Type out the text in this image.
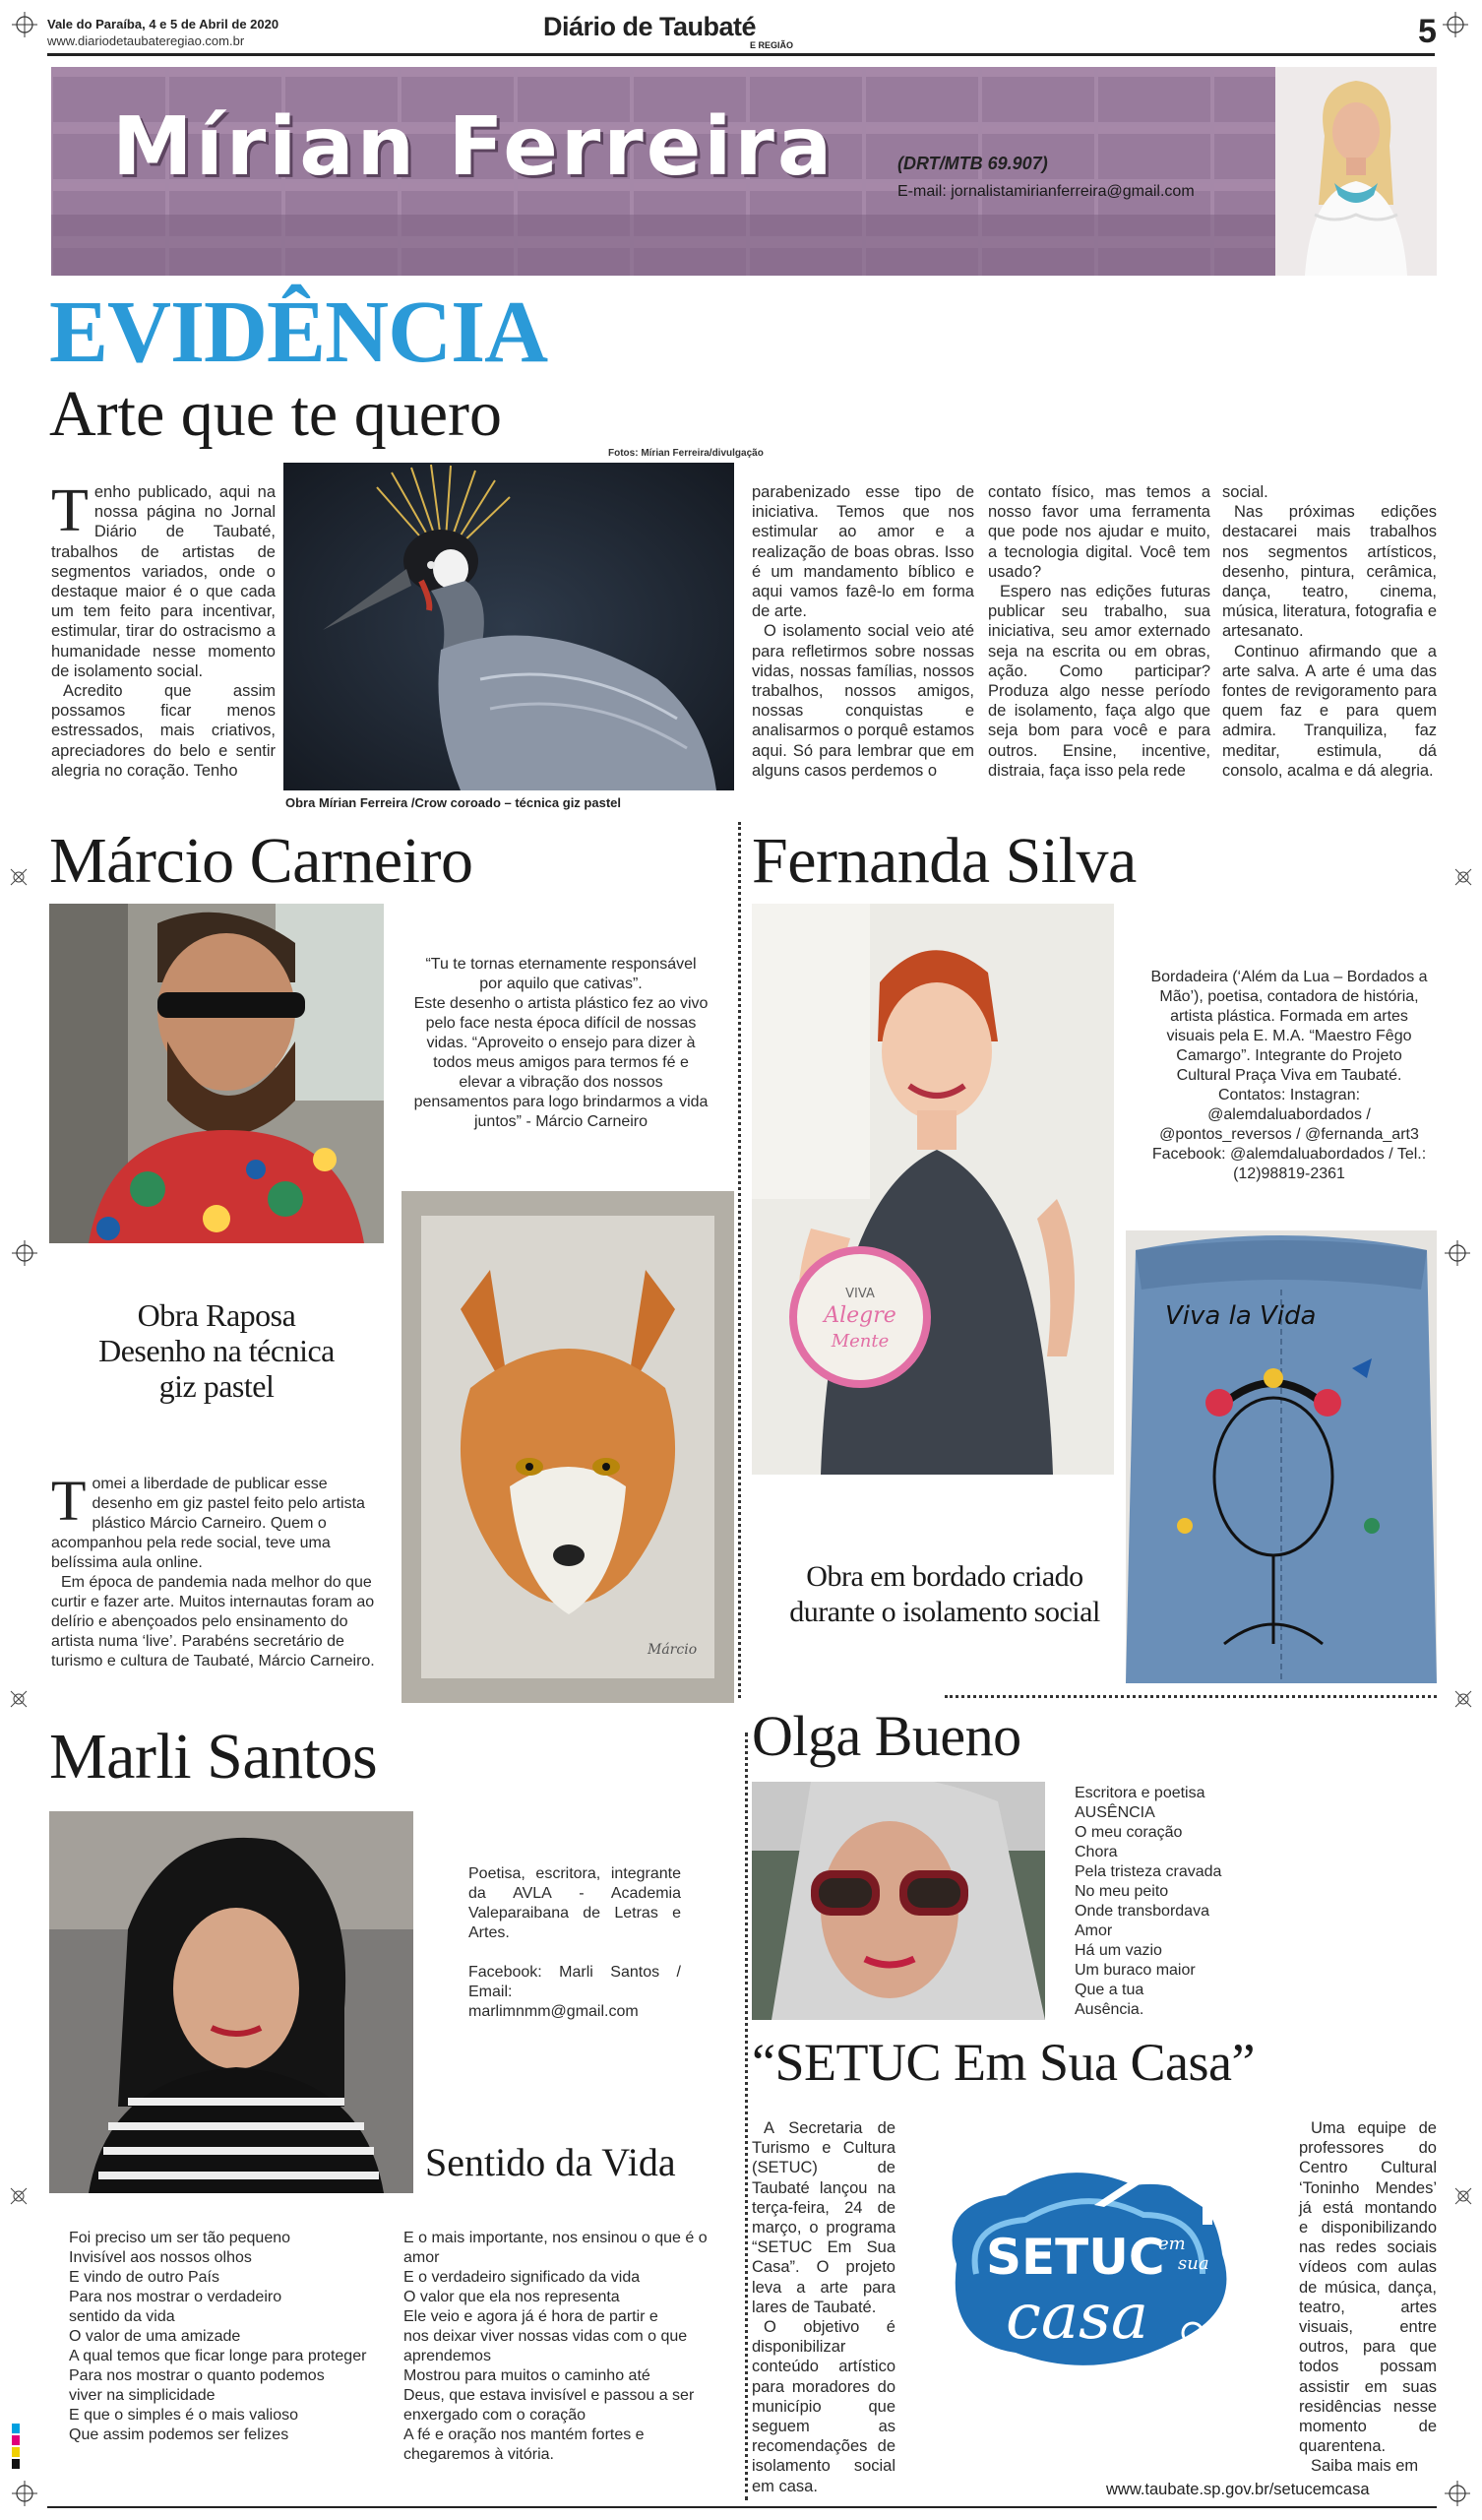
Vale do Paraíba, 4 e 5 de Abril de 2020
www.diariodetaubateregiao.com.br	Diário de Taubaté
E REGIÃO	5
Mírian Ferreira	(DRT/MTB 69.907)
E-mail: jornalistamirianferreira@gmail.com
EVIDÊNCIA
Arte que te quero
Fotos: Mírian Ferreira/divulgação
T enho publicado, aqui na nossa página no Jornal Diário de Taubaté, trabalhos de artistas de segmentos variados, onde o destaque maior é o que cada um tem feito para incentivar, estimular, tirar do ostracismo a humanidade nesse momento de isolamento social.

Acredito que assim possamos ficar menos estressados, mais criativos, apreciadores do belo e sentir alegria no coração. Tenho

Obra Mírian Ferreira /Crow coroado – técnica giz pastel

parabenizado esse tipo de iniciativa. Temos que nos estimular ao amor e a realização de boas obras. Isso é um mandamento bíblico e aqui vamos fazê-lo em forma de arte.

O isolamento social veio até para refletirmos sobre nossas vidas, nossas famílias, nossos trabalhos, nossos amigos, nossas conquistas e analisarmos o porquê estamos aqui. Só para lembrar que em alguns casos perdemos o

contato físico, mas temos a nosso favor uma ferramenta que pode nos ajudar e muito, a tecnologia digital. Você tem usado?

Espero nas edições futuras publicar seu trabalho, sua iniciativa, seu amor externado seja na escrita ou em obras, ação. Como participar? Produza algo nesse período de isolamento, faça algo que seja bom para você e para outros. Ensine, incentive, distraia, faça isso pela rede

social.

Nas próximas edições destacarei mais trabalhos nos segmentos artísticos, desenho, pintura, cerâmica, dança, teatro, cinema, música, literatura, fotografia e artesanato.

Continuo afirmando que a arte salva. A arte é uma das fontes de revigoramento para quem faz e para quem admira. Tranquiliza, faz meditar, estimula, dá consolo, acalma e dá alegria.

Márcio Carneiro

“Tu te tornas eternamente responsável por aquilo que cativas”.

Este desenho o artista plástico fez ao vivo pelo face nesta época difícil de nossas vidas. “Aproveito o ensejo para dizer à todos meus amigos para termos fé e elevar a vibração dos nossos pensamentos para logo brindarmos a vida juntos” - Márcio Carneiro

Márcio
Obra Raposa
Desenho na técnica
giz pastel
T omei a liberdade de publicar esse desenho em giz pastel feito pelo artista plástico Márcio Carneiro. Quem o acompanhou pela rede social, teve uma belíssima aula online.

Em época de pandemia nada melhor do que curtir e fazer arte. Muitos internautas foram ao delírio e abençoados pelo ensinamento do artista numa ‘live’. Parabéns secretário de turismo e cultura de Taubaté, Márcio Carneiro.

Fernanda Silva
VIVA
Alegre
Mente

Bordadeira (‘Além da Lua – Bordados a Mão’), poetisa, contadora de história, artista plástica. Formada em artes visuais pela E. M.A. “Maestro Fêgo Camargo”. Integrante do Projeto Cultural Praça Viva em Taubaté.

Contatos: Instagran: @alemdaluabordados / @pontos_reversos / @fernanda_art3

Facebook: @alemdaluabordados / Tel.: (12)98819-2361

Viva la Vida
Obra em bordado criado
durante o isolamento social
Marli Santos

Poetisa, escritora, integrante da AVLA - Academia Valeparaibana de Letras e Artes.

Facebook: Marli Santos / Email: marlimnmm@gmail.com

Sentido da Vida
Foi preciso um ser tão pequeno
Invisível aos nossos olhos
E vindo de outro País
Para nos mostrar o verdadeiro
sentido da vida
O valor de uma amizade
A qual temos que ficar longe para proteger
Para nos mostrar o quanto podemos
viver na simplicidade
E que o simples é o mais valioso
Que assim podemos ser felizes
E o mais importante, nos ensinou o que é o amor
E o verdadeiro significado da vida
O valor que ela nos representa
Ele veio e agora já é hora de partir e
nos deixar viver nossas vidas com o que aprendemos
Mostrou para muitos o caminho até
Deus, que estava invisível e passou a ser enxergado com o coração
A fé e oração nos mantém fortes e chegaremos à vitória.
Olga Bueno
Escritora e poetisa
AUSÊNCIA
O meu coração
Chora
Pela tristeza cravada
No meu peito
Onde transbordava
Amor
Há um vazio
Um buraco maior
Que a tua
Ausência.
“SETUC Em Sua Casa”

A Secretaria de Turismo e Cultura (SETUC) de Taubaté lançou na terça-feira, 24 de março, o programa “SETUC Em Sua Casa”. O projeto leva a arte para lares de Taubaté.

O objetivo é disponibilizar conteúdo artístico para moradores do município que seguem as recomendações de isolamento social em casa.

SETUC
em
sua
casa

Uma equipe de professores do Centro Cultural ‘Toninho Mendes’ já está montando e disponibilizando nas redes sociais vídeos com aulas de música, dança, teatro, artes visuais, entre outros, para que todos possam assistir em suas residências nesse momento de quarentena.

Saiba mais em

www.taubate.sp.gov.br/setucemcasa
